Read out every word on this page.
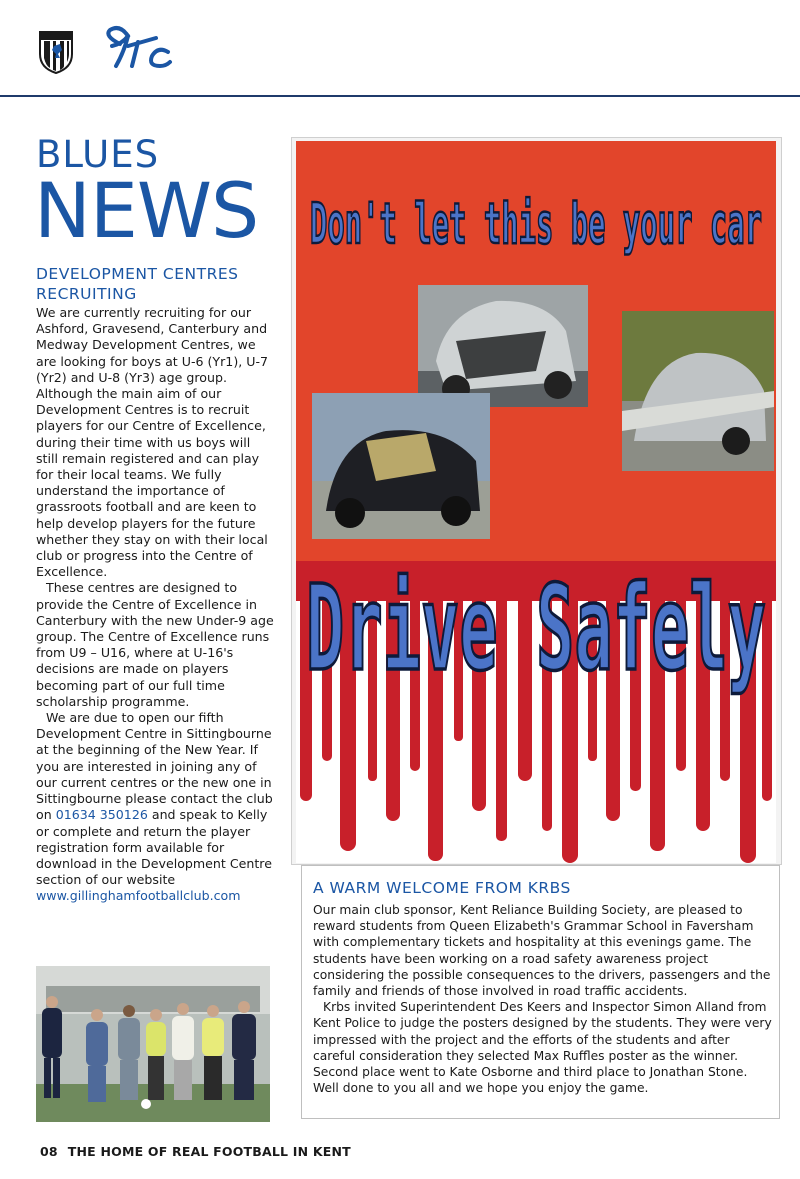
BLUES
NEWS
DEVELOPMENT CENTRES RECRUITING

We are currently recruiting for our Ashford, Gravesend, Canterbury and Medway Development Centres, we are looking for boys at U-6 (Yr1), U-7 (Yr2) and U-8 (Yr3) age group. Although the main aim of our Development Centres is to recruit players for our Centre of Excellence, during their time with us boys will still remain registered and can play for their local teams. We fully understand the importance of grassroots football and are keen to help develop players for the future whether they stay on with their local club or progress into the Centre of Excellence.

These centres are designed to provide the Centre of Excellence in Canterbury with the new Under-9 age group. The Centre of Excellence runs from U9 – U16, where at U-16's decisions are made on players becoming part of our full time scholarship programme.

We are due to open our fifth Development Centre in Sittingbourne at the beginning of the New Year. If you are interested in joining any of our current centres or the new one in Sittingbourne please contact the club on 01634 350126 and speak to Kelly or complete and return the player registration form available for download in the Development Centre section of our website www.gillinghamfootballclub.com

Don't let this be your car
Drive Safely
A WARM WELCOME FROM KRBS

Our main club sponsor, Kent Reliance Building Society, are pleased to reward students from Queen Elizabeth's Grammar School in Faversham with complementary tickets and hospitality at this evenings game. The students have been working on a road safety awareness project considering the possible consequences to the drivers, passengers and the family and friends of those involved in road traffic accidents.

Krbs invited Superintendent Des Keers and Inspector Simon Alland from Kent Police to judge the posters designed by the students. They were very impressed with the project and the efforts of the students and after careful consideration they selected Max Ruffles poster as the winner. Second place went to Kate Osborne and third place to Jonathan Stone. Well done to you all and we hope you enjoy the game.

08 THE HOME OF REAL FOOTBALL IN KENT
